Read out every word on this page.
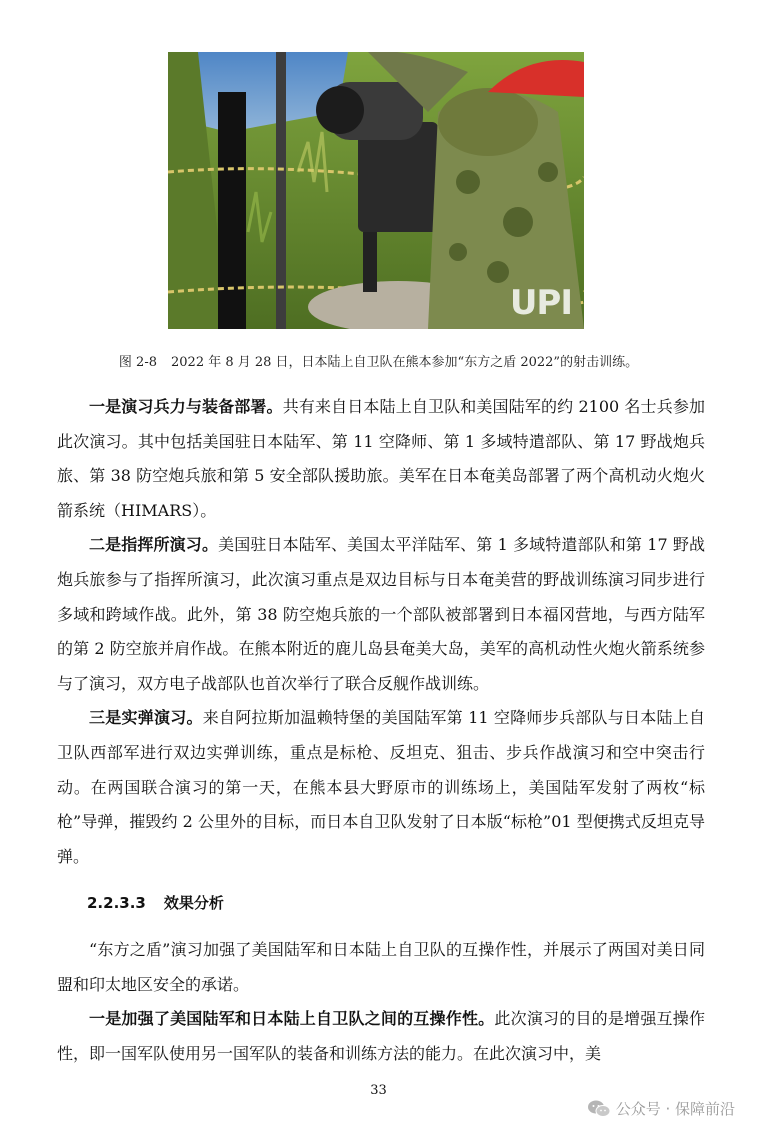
UPI
图 2-8 2022 年 8 月 28 日，日本陆上自卫队在熊本参加“东方之盾 2022”的射击训练。

一是演习兵力与装备部署。共有来自日本陆上自卫队和美国陆军的约 2100 名士兵参加此次演习。其中包括美国驻日本陆军、第 11 空降师、第 1 多域特遣部队、第 17 野战炮兵旅、第 38 防空炮兵旅和第 5 安全部队援助旅。美军在日本奄美岛部署了两个高机动火炮火箭系统（HIMARS）。

二是指挥所演习。美国驻日本陆军、美国太平洋陆军、第 1 多域特遣部队和第 17 野战炮兵旅参与了指挥所演习，此次演习重点是双边目标与日本奄美营的野战训练演习同步进行多域和跨域作战。此外，第 38 防空炮兵旅的一个部队被部署到日本福冈营地，与西方陆军的第 2 防空旅并肩作战。在熊本附近的鹿儿岛县奄美大岛，美军的高机动性火炮火箭系统参与了演习，双方电子战部队也首次举行了联合反舰作战训练。

三是实弹演习。来自阿拉斯加温赖特堡的美国陆军第 11 空降师步兵部队与日本陆上自卫队西部军进行双边实弹训练，重点是标枪、反坦克、狙击、步兵作战演习和空中突击行动。在两国联合演习的第一天，在熊本县大野原市的训练场上，美国陆军发射了两枚“标枪”导弹，摧毁约 2 公里外的目标，而日本自卫队发射了日本版“标枪”01 型便携式反坦克导弹。

2.2.3.3 效果分析

“东方之盾”演习加强了美国陆军和日本陆上自卫队的互操作性，并展示了两国对美日同盟和印太地区安全的承诺。

一是加强了美国陆军和日本陆上自卫队之间的互操作性。此次演习的目的是增强互操作性，即一国军队使用另一国军队的装备和训练方法的能力。在此次演习中，美

33
公众号 · 保障前沿
